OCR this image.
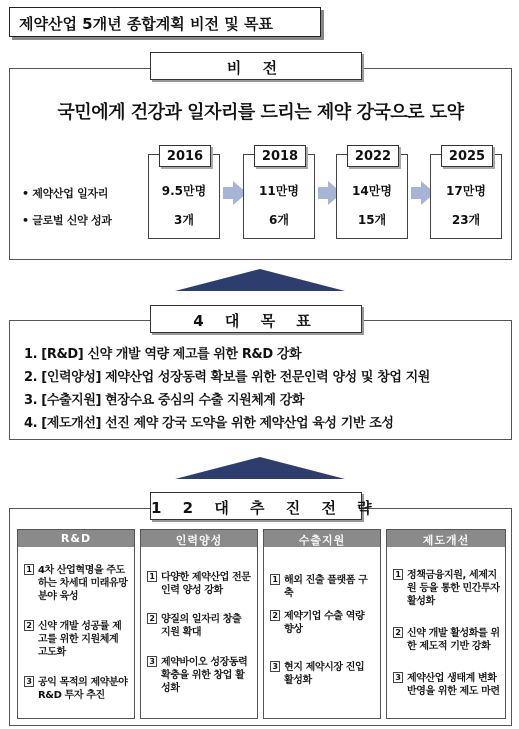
제약산업 5개년 종합계획 비전 및 목표
비 전
국민에게 건강과 일자리를 드리는 제약 강국으로 도약
• 제약산업 일자리
• 글로벌 신약 성과
2016
9.5만명
3개
2018
11만명
6개
2022
14만명
15개
2025
17만명
23개
4 대 목 표
1. [R&D] 신약 개발 역량 제고를 위한 R&D 강화
2. [인력양성] 제약산업 성장동력 확보를 위한 전문인력 양성 및 창업 지원
3. [수출지원] 현장수요 중심의 수출 지원체계 강화
4. [제도개선] 선진 제약 강국 도약을 위한 제약산업 육성 기반 조성
1 2 대 추 진 전 략
R&D
1 4차 산업혁명을 주도하는 차세대 미래유망 분야 육성
2 신약 개발 성공률 제고를 위한 지원체계 고도화
3 공익 목적의 제약분야 R&D 투자 추진
인력양성
1 다양한 제약산업 전문인력 양성 강화
2 양질의 일자리 창출 지원 확대
3 제약바이오 성장동력 확충을 위한 창업 활성화
수출지원
1 해외 진출 플랫폼 구축
2 제약기업 수출 역량 향상
3 현지 제약시장 진입 활성화
제도개선
1 정책금융지원, 세제지원 등을 통한 민간투자 활성화
2 신약 개발 활성화를 위한 제도적 기반 강화
3 제약산업 생태계 변화 반영을 위한 제도 마련
